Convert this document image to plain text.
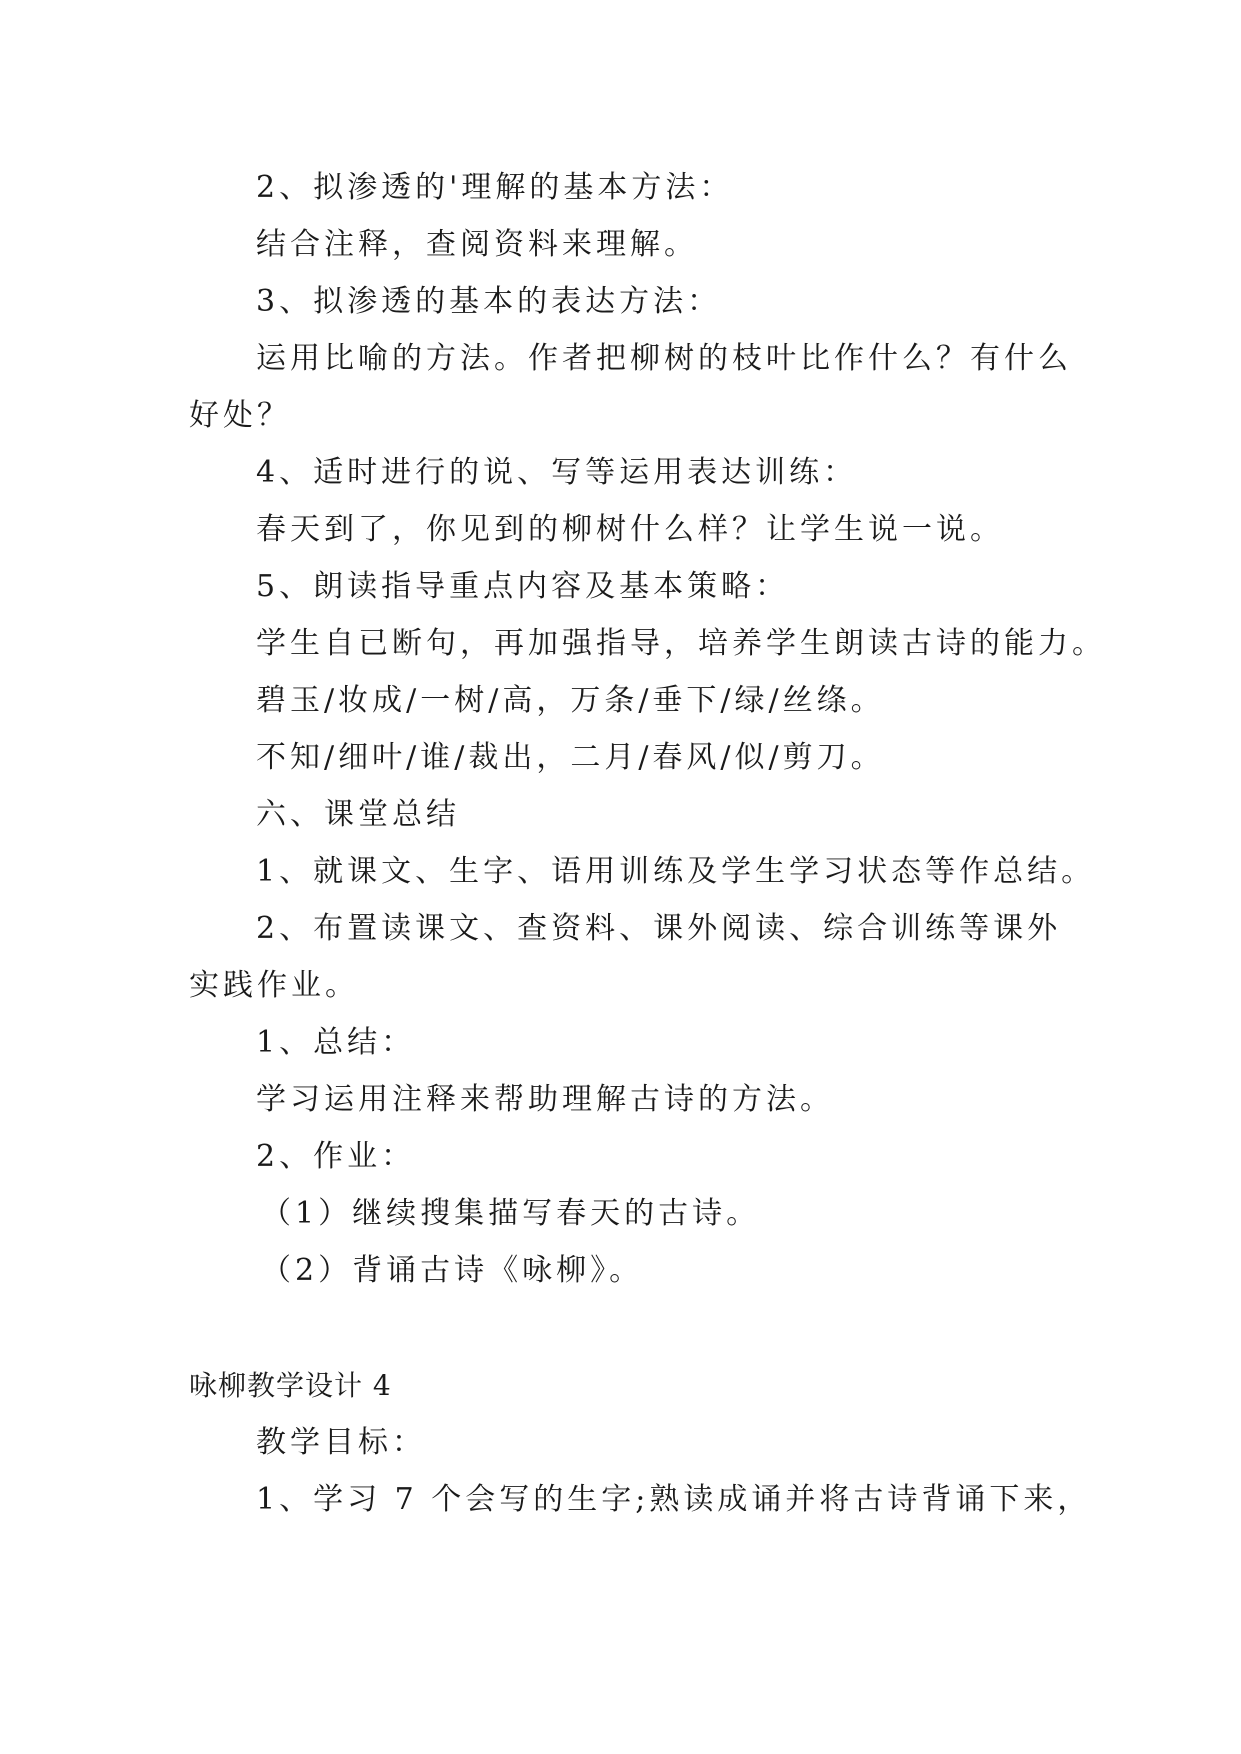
2、拟渗透的'理解的基本方法：
结合注释，查阅资料来理解。
3、拟渗透的基本的表达方法：
运用比喻的方法。作者把柳树的枝叶比作什么？有什么
好处？
4、适时进行的说、写等运用表达训练：
春天到了，你见到的柳树什么样？让学生说一说。
5、朗读指导重点内容及基本策略：
学生自已断句，再加强指导，培养学生朗读古诗的能力。
碧玉/妆成/一树/高，万条/垂下/绿/丝绦。
不知/细叶/谁/裁出，二月/春风/似/剪刀。
六、课堂总结
1、就课文、生字、语用训练及学生学习状态等作总结。
2、布置读课文、查资料、课外阅读、综合训练等课外
实践作业。
1、总结：
学习运用注释来帮助理解古诗的方法。
2、作业：
（1）继续搜集描写春天的古诗。
（2）背诵古诗《咏柳》。
咏柳教学设计 4
教学目标：
1、学习 7 个会写的生字;熟读成诵并将古诗背诵下来，
